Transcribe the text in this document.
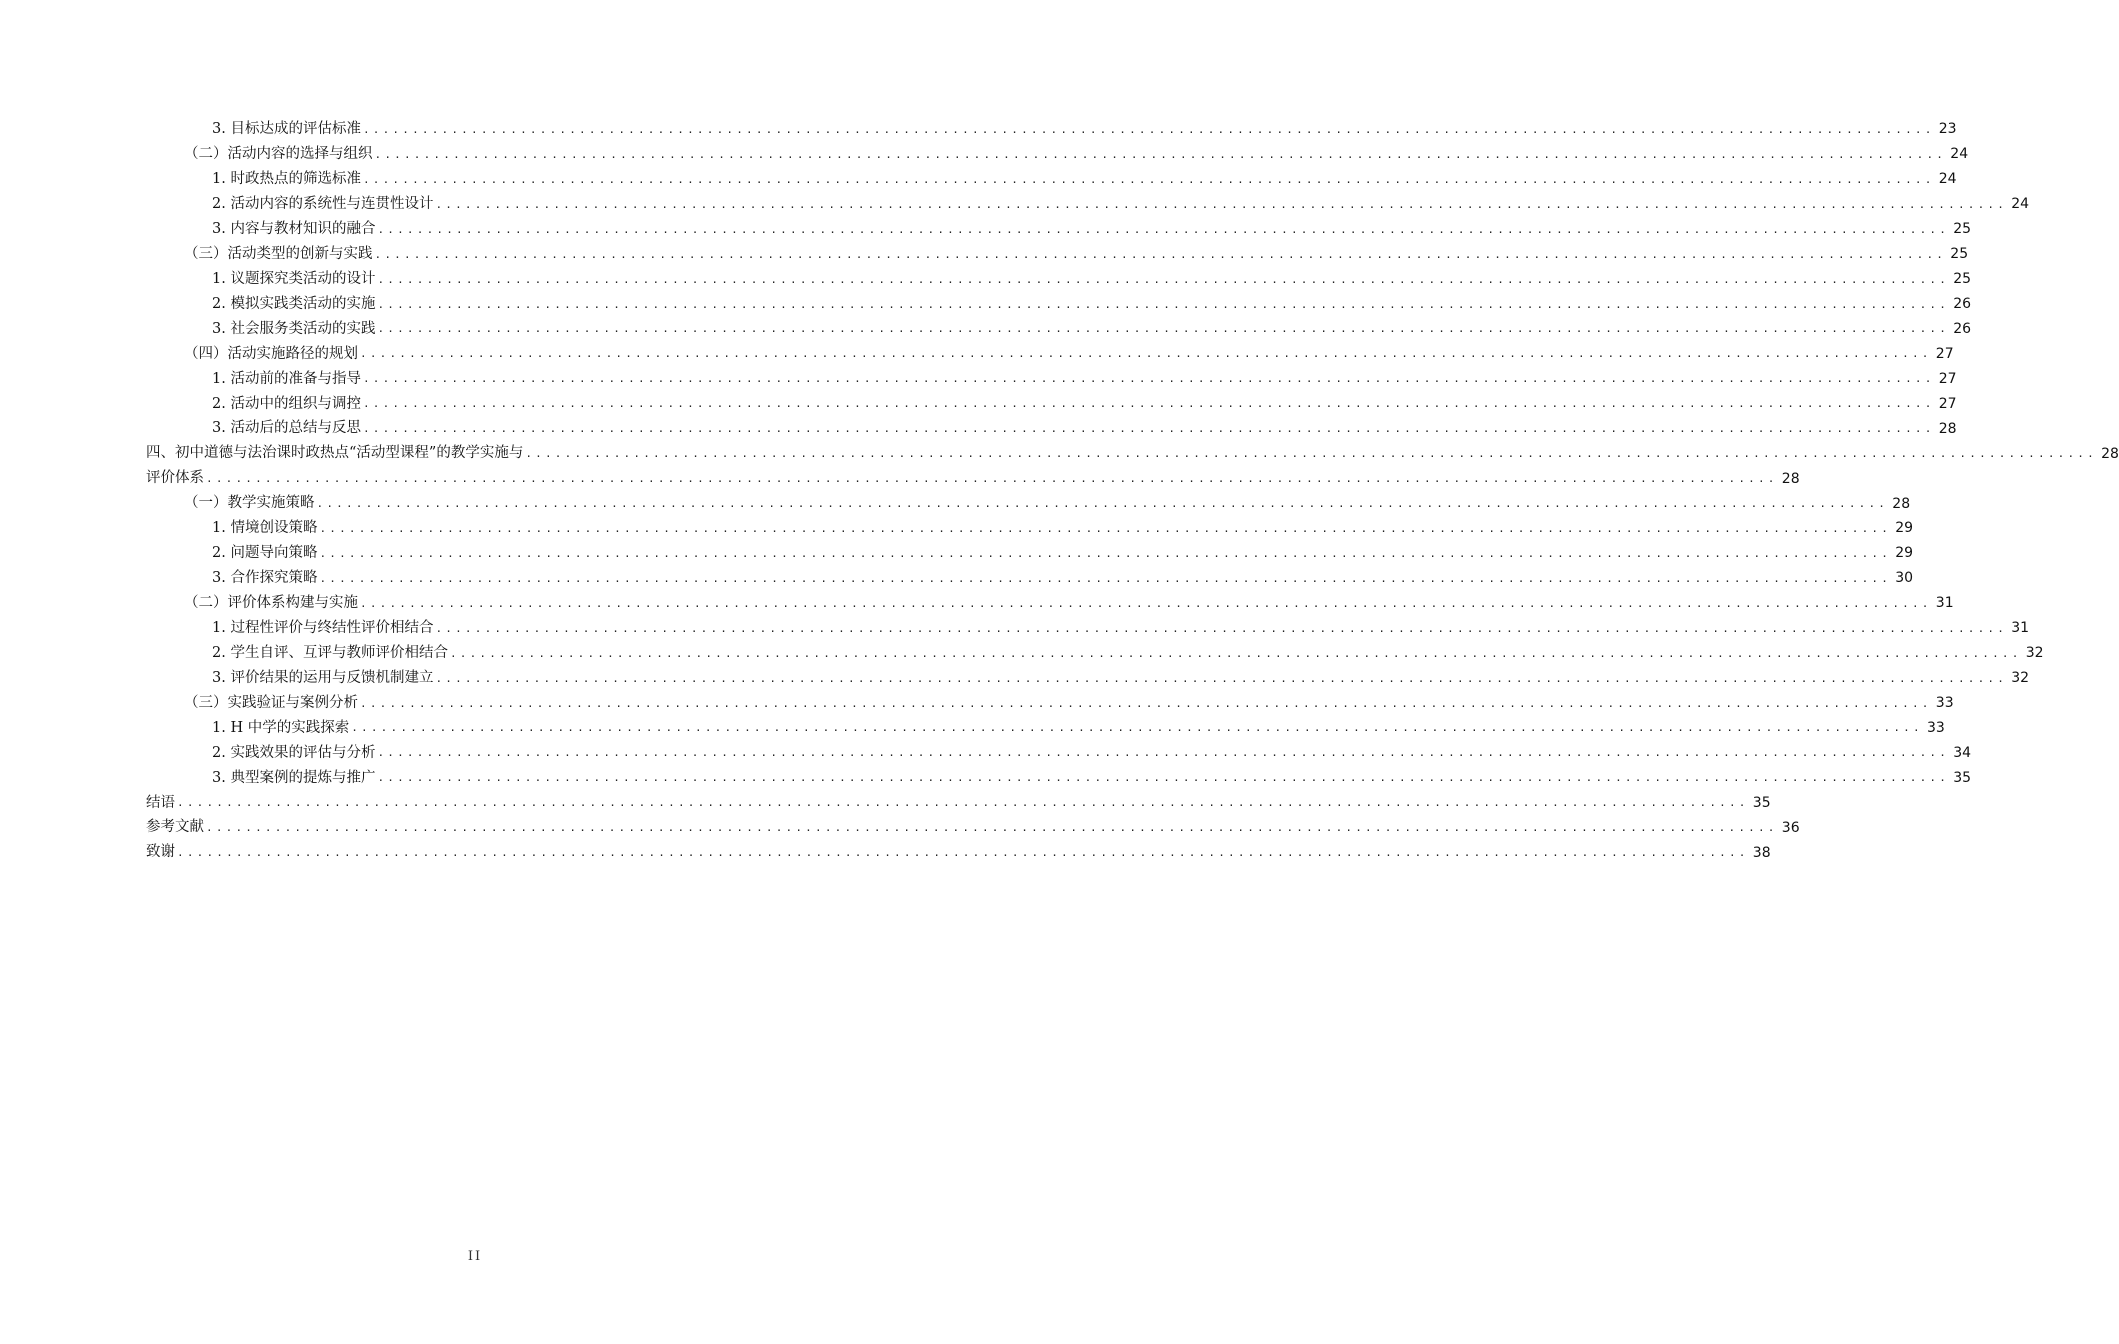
3. 目标达成的评估标准 ................................................................................................................................................................ 23
（二）活动内容的选择与组织 ................................................................................................................................................................ 24
1. 时政热点的筛选标准 ................................................................................................................................................................ 24
2. 活动内容的系统性与连贯性设计 ................................................................................................................................................................ 24
3. 内容与教材知识的融合 ................................................................................................................................................................ 25
（三）活动类型的创新与实践 ................................................................................................................................................................ 25
1. 议题探究类活动的设计 ................................................................................................................................................................ 25
2. 模拟实践类活动的实施 ................................................................................................................................................................ 26
3. 社会服务类活动的实践 ................................................................................................................................................................ 26
（四）活动实施路径的规划 ................................................................................................................................................................ 27
1. 活动前的准备与指导 ................................................................................................................................................................ 27
2. 活动中的组织与调控 ................................................................................................................................................................ 27
3. 活动后的总结与反思 ................................................................................................................................................................ 28
四、初中道德与法治课时政热点“活动型课程”的教学实施与 ................................................................................................................................................................ 28
评价体系 ................................................................................................................................................................ 28
（一）教学实施策略 ................................................................................................................................................................ 28
1. 情境创设策略 ................................................................................................................................................................ 29
2. 问题导向策略 ................................................................................................................................................................ 29
3. 合作探究策略 ................................................................................................................................................................ 30
（二）评价体系构建与实施 ................................................................................................................................................................ 31
1. 过程性评价与终结性评价相结合 ................................................................................................................................................................ 31
2. 学生自评、互评与教师评价相结合 ................................................................................................................................................................ 32
3. 评价结果的运用与反馈机制建立 ................................................................................................................................................................ 32
（三）实践验证与案例分析 ................................................................................................................................................................ 33
1. H 中学的实践探索 ................................................................................................................................................................ 33
2. 实践效果的评估与分析 ................................................................................................................................................................ 34
3. 典型案例的提炼与推广 ................................................................................................................................................................ 35
结语 ................................................................................................................................................................ 35
参考文献 ................................................................................................................................................................ 36
致谢 ................................................................................................................................................................ 38
II
